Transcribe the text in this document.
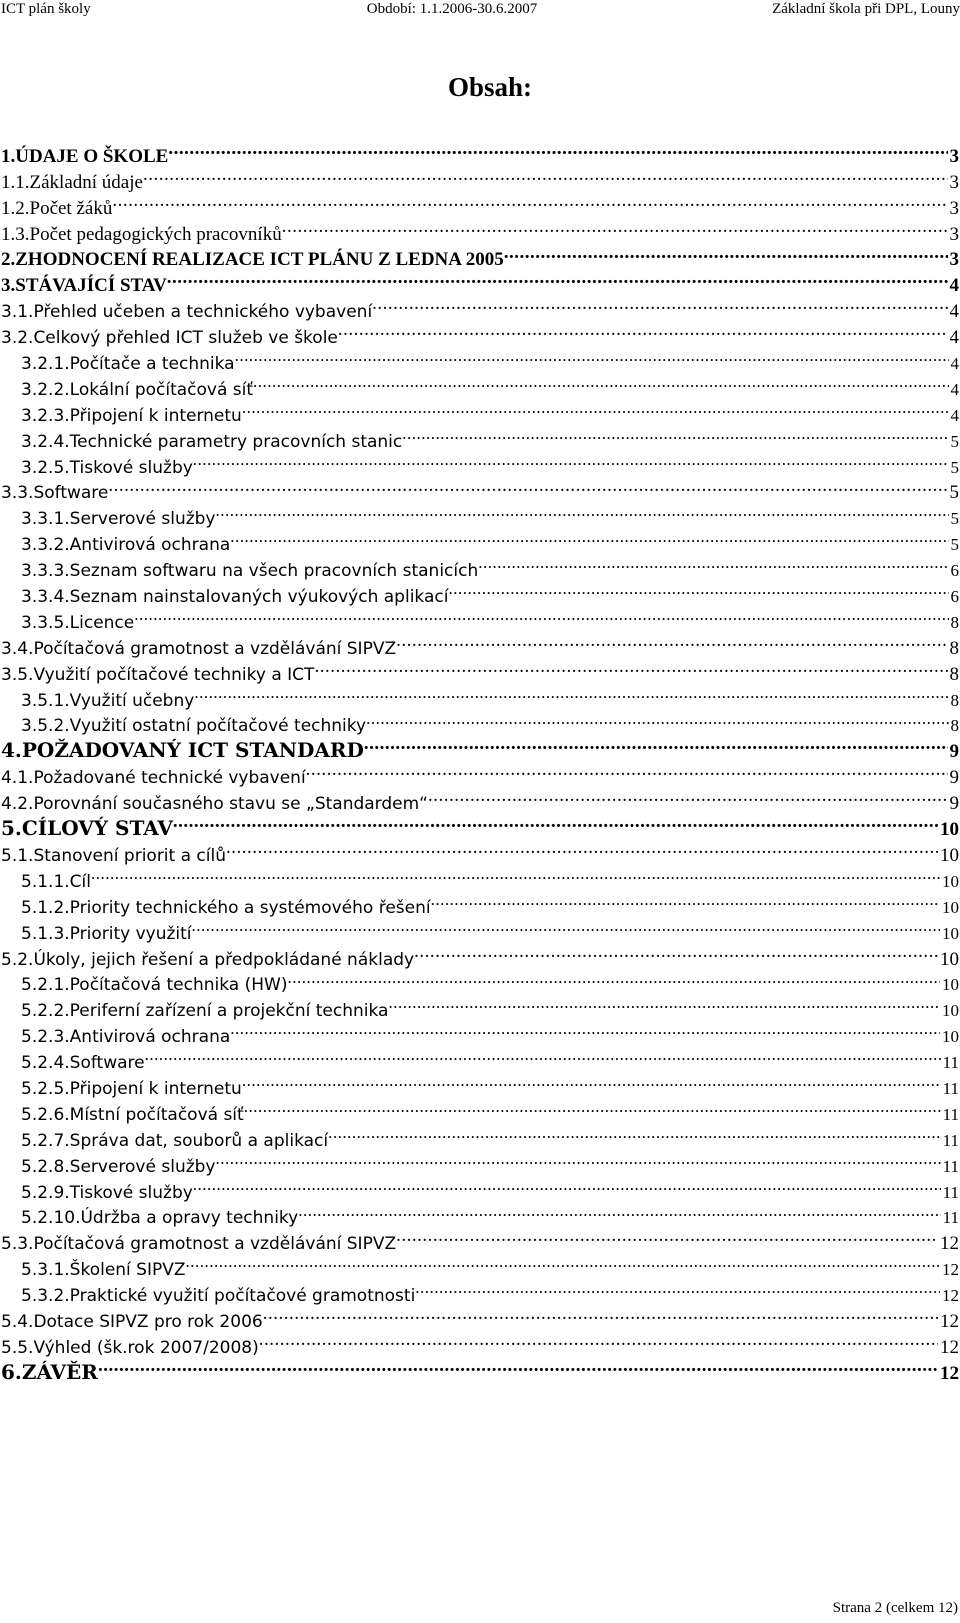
ICT plán školy	Období: 1.1.2006-30.6.2007	Základní škola při DPL, Louny
Obsah:
1.ÚDAJE O ŠKOLE .....	3
1.1.Základní údaje .....	3
1.2.Počet žáků .....	3
1.3.Počet pedagogických pracovníků .....	3
2.ZHODNOCENÍ REALIZACE ICT PLÁNU Z LEDNA 2005 .....	3
3.STÁVAJÍCÍ STAV .....	4
3.1.Přehled učeben a technického vybavení .....	4
3.2.Celkový přehled ICT služeb ve škole .....	4
3.2.1.Počítače a technika .....	4
3.2.2.Lokální počítačová síť .....	4
3.2.3.Připojení k internetu .....	4
3.2.4.Technické parametry pracovních stanic .....	5
3.2.5.Tiskové služby .....	5
3.3.Software .....	5
3.3.1.Serverové služby .....	5
3.3.2.Antivirová ochrana .....	5
3.3.3.Seznam softwaru na všech pracovních stanicích .....	6
3.3.4.Seznam nainstalovaných výukových aplikací .....	6
3.3.5.Licence .....	8
3.4.Počítačová gramotnost a vzdělávání SIPVZ .....	8
3.5.Využití počítačové techniky a ICT .....	8
3.5.1.Využití učebny .....	8
3.5.2.Využití ostatní počítačové techniky .....	8
4.POŽADOVANÝ ICT STANDARD .....	9
4.1.Požadované technické vybavení .....	9
4.2.Porovnání současného stavu se „Standardem“ .....	9
5.CÍLOVÝ STAV .....	10
5.1.Stanovení priorit a cílů .....	10
5.1.1.Cíl .....	10
5.1.2.Priority technického a systémového řešení .....	10
5.1.3.Priority využití .....	10
5.2.Úkoly, jejich řešení a předpokládané náklady .....	10
5.2.1.Počítačová technika (HW) .....	10
5.2.2.Periferní zařízení a projekční technika .....	10
5.2.3.Antivirová ochrana .....	10
5.2.4.Software .....	11
5.2.5.Připojení k internetu .....	11
5.2.6.Místní počítačová síť .....	11
5.2.7.Správa dat, souborů a aplikací .....	11
5.2.8.Serverové služby .....	11
5.2.9.Tiskové služby .....	11
5.2.10.Údržba a opravy techniky .....	11
5.3.Počítačová gramotnost a vzdělávání SIPVZ .....	12
5.3.1.Školení SIPVZ .....	12
5.3.2.Praktické využití počítačové gramotnosti .....	12
5.4.Dotace SIPVZ pro rok 2006 .....	12
5.5.Výhled (šk.rok 2007/2008) .....	12
6.ZÁVĚR .....	12
Strana 2 (celkem 12)
